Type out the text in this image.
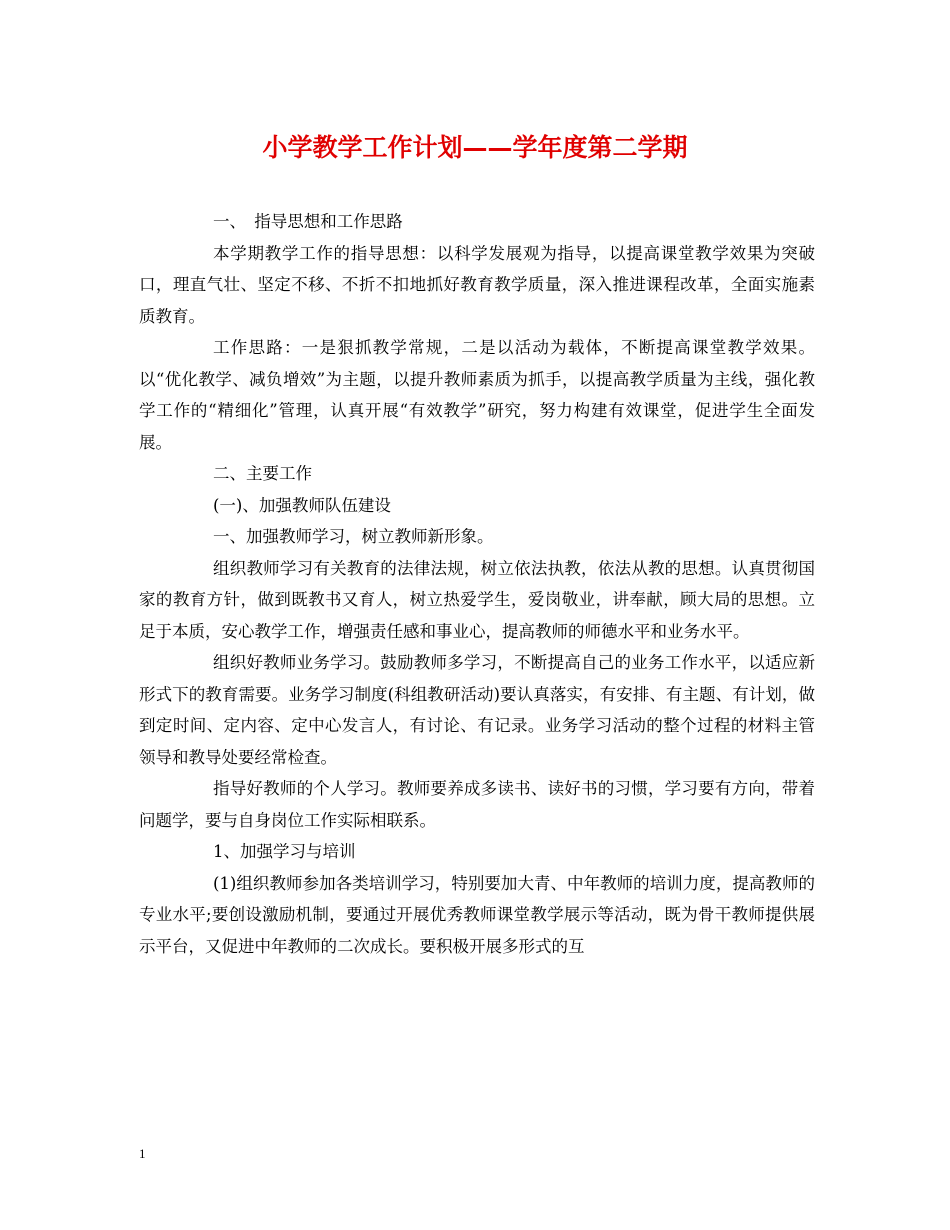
小学教学工作计划——学年度第二学期

一、　指导思想和工作思路

本学期教学工作的指导思想：以科学发展观为指导，以提高课堂教学效果为突破口，理直气壮、坚定不移、不折不扣地抓好教育教学质量，深入推进课程改革，全面实施素质教育。

工作思路：一是狠抓教学常规，二是以活动为载体，不断提高课堂教学效果。以“优化教学、减负增效”为主题，以提升教师素质为抓手，以提高教学质量为主线，强化教学工作的“精细化”管理，认真开展“有效教学”研究，努力构建有效课堂，促进学生全面发展。

二、主要工作

(一)、加强教师队伍建设

一、加强教师学习，树立教师新形象。

组织教师学习有关教育的法律法规，树立依法执教，依法从教的思想。认真贯彻国家的教育方针，做到既教书又育人，树立热爱学生，爱岗敬业，讲奉献，顾大局的思想。立足于本质，安心教学工作，增强责任感和事业心，提高教师的师德水平和业务水平。

组织好教师业务学习。鼓励教师多学习，不断提高自己的业务工作水平，以适应新形式下的教育需要。业务学习制度(科组教研活动)要认真落实，有安排、有主题、有计划，做到定时间、定内容、定中心发言人，有讨论、有记录。业务学习活动的整个过程的材料主管领导和教导处要经常检查。

指导好教师的个人学习。教师要养成多读书、读好书的习惯，学习要有方向，带着问题学，要与自身岗位工作实际相联系。

1、加强学习与培训

(1)组织教师参加各类培训学习，特别要加大青、中年教师的培训力度，提高教师的专业水平;要创设激励机制，要通过开展优秀教师课堂教学展示等活动，既为骨干教师提供展示平台，又促进中年教师的二次成长。要积极开展多形式的互

1
